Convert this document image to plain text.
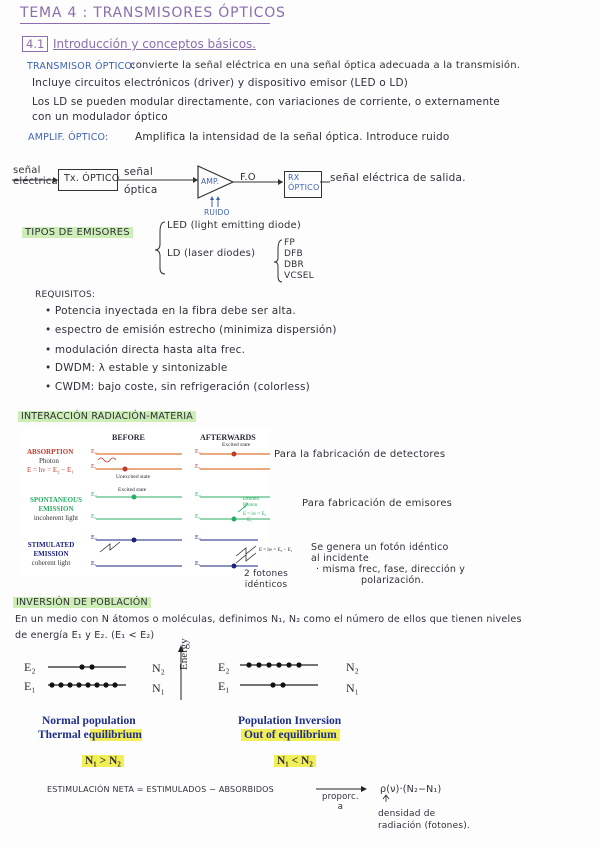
TEMA 4 : TRANSMISORES ÓPTICOS
4.1 Introducción y conceptos básicos.
TRANSMISOR ÓPTICO:
convierte la señal eléctrica en una señal óptica adecuada a la transmisión.
Incluye circuitos electrónicos (driver) y dispositivo emisor (LED o LD)
Los LD se pueden modular directamente, con variaciones de corriente, o externamente
con un modulador óptico
AMPLIF. ÓPTICO:	Amplifica la intensidad de la señal óptica. Introduce ruido
señal
eléctrica Tx. ÓPTICO
señal
óptica
AMP. F.O
RUIDO
RX
ÓPTICO
señal eléctrica de salida.
TIPOS DE EMISORES
LED (light emitting diode)
LD (laser diodes)
FP
DFB
DBR
VCSEL
REQUISITOS:
• Potencia inyectada en la fibra debe ser alta.
• espectro de emisión estrecho (minimiza dispersión)
• modulación directa hasta alta frec.
• DWDM: λ estable y sintonizable
• CWDM: bajo coste, sin refrigeración (colorless)
INTERACCIÓN RADIACIÓN-MATERIA
BEFORE	AFTERWARDS
ABSORPTION
Photon
E = hν = E₂ − E₁
Unexcited state
Excited state
SPONTANEOUS
EMISSION
incoherent light
Excited state
Emitted Photon
E = hν = E₂ − E₁
STIMULATED
EMISSION
coherent light
E = hν = E₂ − E₁
E₂
E₁
E₂
E₁
E₂
E₁
E₂
E₁
E₂
E₁
E₂
E₁
Para la fabricación de detectores
Para fabricación de emisores
Se genera un fotón idéntico
al incidente
· misma frec, fase, dirección y
polarización.
2 fotones
idénticos
INVERSIÓN DE POBLACIÓN
En un medio con N átomos o moléculas, definimos N₁, N₂ como el número de ellos que tienen niveles
de energía E₁ y E₂. (E₁ < E₂)
E₂
E₁
N₂
N₁
Energy E₂
E₁
N₂
N₁
Normal population
Thermal equilibrium
N₁ > N₂
Population Inversion
Out of equilibrium
N₁ < N₂
ESTIMULACIÓN NETA = ESTIMULADOS − ABSORBIDOS
proporc.
a
ρ(ν)·(N₂−N₁)
densidad de
radiación (fotones).
